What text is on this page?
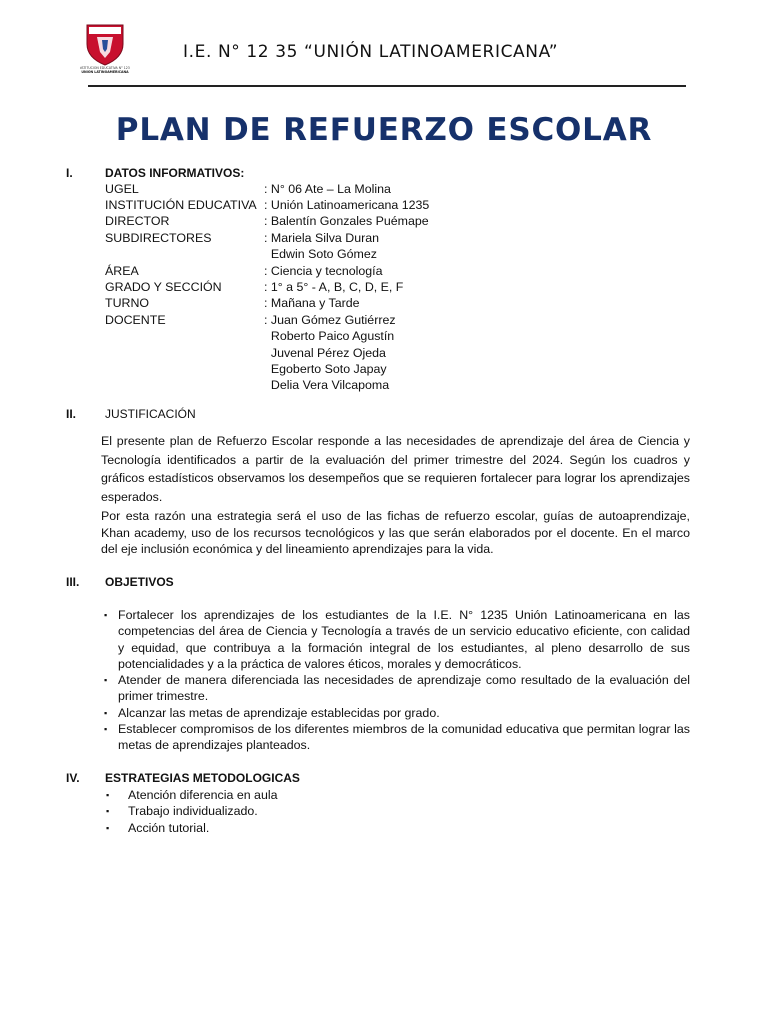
INSTITUCION EDUCATIVA N° 1235
UNION LATINOAMERICANA
I.E. N° 12 35 “UNIÓN LATINOAMERICANA”
PLAN DE REFUERZO ESCOLAR
I.	DATOS INFORMATIVOS:
UGEL	: N° 06 Ate – La Molina
INSTITUCIÓN EDUCATIVA : Unión Latinoamericana 1235
DIRECTOR	: Balentín Gonzales Puémape
SUBDIRECTORES	: Mariela Silva Duran
Edwin Soto Gómez
ÁREA	: Ciencia y tecnología
GRADO Y SECCIÓN	: 1° a 5° - A, B, C, D, E, F
TURNO	: Mañana y Tarde
DOCENTE	: Juan Gómez Gutiérrez
Roberto Paico Agustín
Juvenal Pérez Ojeda
Egoberto Soto Japay
Delia Vera Vilcapoma
II. JUSTIFICACIÓN
El presente plan de Refuerzo Escolar responde a las necesidades de aprendizaje del área de Ciencia y Tecnología identificados a partir de la evaluación del primer trimestre del 2024. Según los cuadros y gráficos estadísticos observamos los desempeños que se requieren fortalecer para lograr los aprendizajes esperados.
Por esta razón una estrategia será el uso de las fichas de refuerzo escolar, guías de autoaprendizaje, Khan academy, uso de los recursos tecnológicos y las que serán elaborados por el docente. En el marco del eje inclusión económica y del lineamiento aprendizajes para la vida.
III. OBJETIVOS
▪ Fortalecer los aprendizajes de los estudiantes de la I.E. N° 1235 Unión Latinoamericana en las competencias del área de Ciencia y Tecnología a través de un servicio educativo eficiente, con calidad y equidad, que contribuya a la formación integral de los estudiantes, al pleno desarrollo de sus potencialidades y a la práctica de valores éticos, morales y democráticos.
▪ Atender de manera diferenciada las necesidades de aprendizaje como resultado de la evaluación del primer trimestre.
▪ Alcanzar las metas de aprendizaje establecidas por grado.
▪ Establecer compromisos de los diferentes miembros de la comunidad educativa que permitan lograr las metas de aprendizajes planteados.
IV. ESTRATEGIAS METODOLOGICAS
▪ Atención diferencia en aula
▪ Trabajo individualizado.
▪ Acción tutorial.
